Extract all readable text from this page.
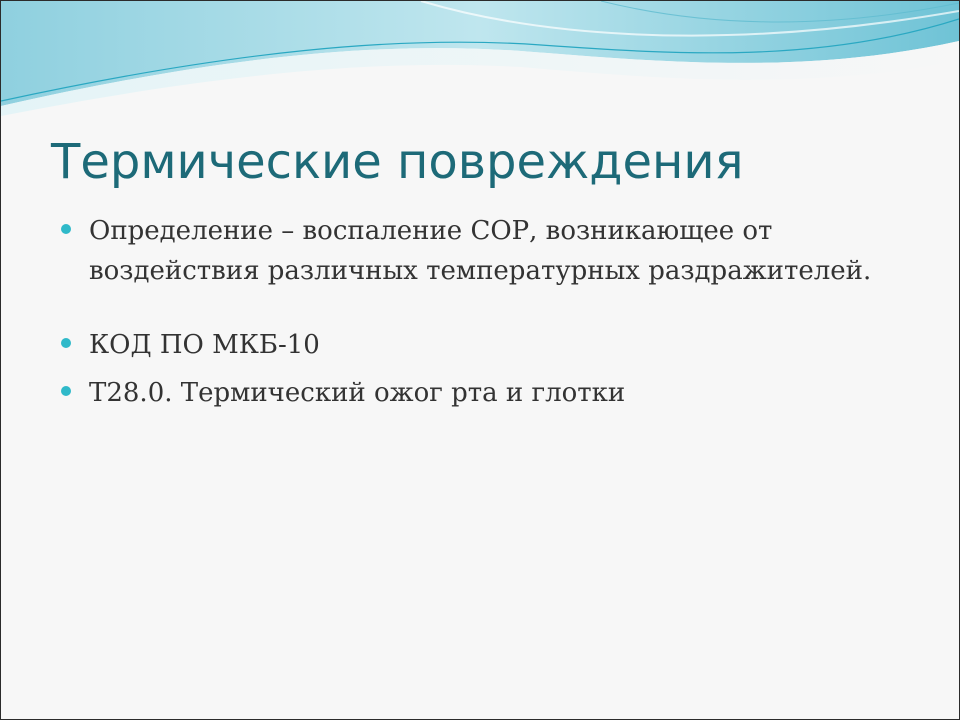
Термические повреждения
Определение – воспаление СОР, возникающее от воздействия различных температурных раздражителей.
КОД ПО МКБ-10
Т28.0. Термический ожог рта и глотки
